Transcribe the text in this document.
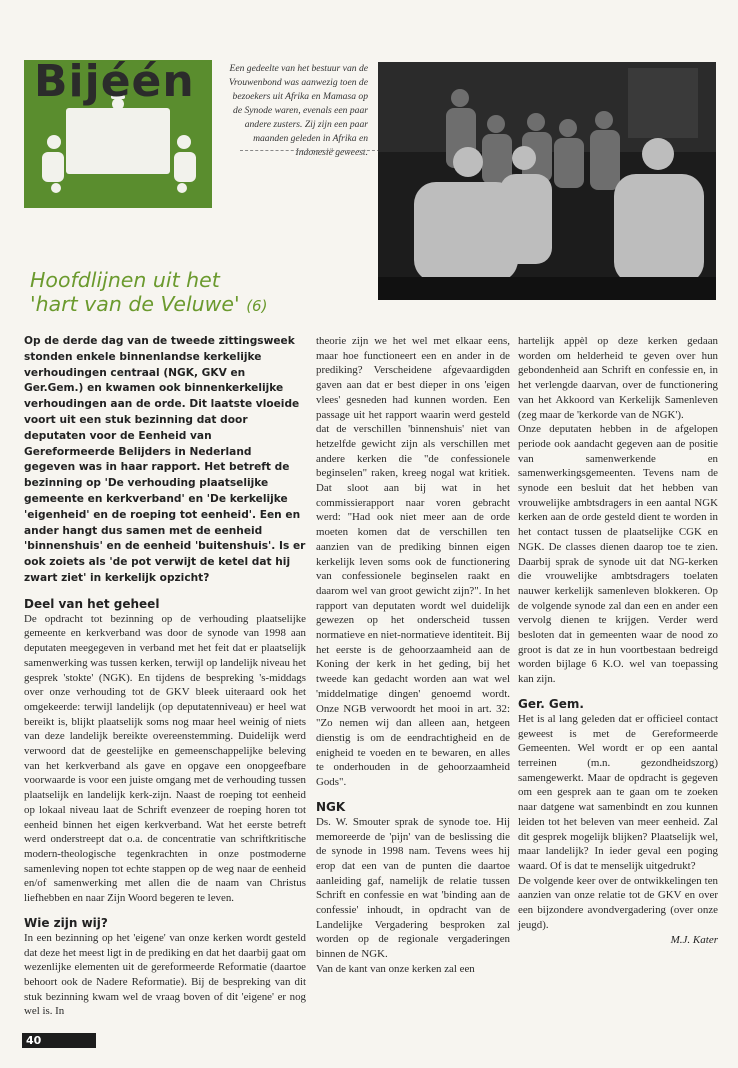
Bijéén	Een gedeelte van het bestuur van de Vrouwenbond was aanwezig toen de bezoekers uit Afrika en Mamasa op de Synode waren, evenals een paar andere zusters. Zij zijn een paar maanden geleden in Afrika en Indonesië geweest.
Hoofdlijnen uit het
'hart van de Veluwe' (6)
Op de derde dag van de tweede zittingsweek stonden enkele binnenlandse kerkelijke verhoudingen centraal (NGK, GKV en Ger.Gem.) en kwamen ook binnenkerkelijke verhoudingen aan de orde. Dit laatste vloeide voort uit een stuk bezinning dat door deputaten voor de Eenheid van Gereformeerde Belijders in Nederland gegeven was in haar rapport. Het betreft de bezinning op 'De verhouding plaatselijke gemeente en kerkverband' en 'De kerkelijke 'eigenheid' en de roeping tot eenheid'. Een en ander hangt dus samen met de eenheid 'binnenshuis' en de eenheid 'buitenshuis'. Is er ook zoiets als 'de pot verwijt de ketel dat hij zwart ziet' in kerkelijk opzicht?
Deel van het geheel
De opdracht tot bezinning op de verhouding plaatselijke gemeente en kerkverband was door de synode van 1998 aan deputaten meegegeven in verband met het feit dat er plaatselijk samenwerking was tussen kerken, terwijl op landelijk niveau het gesprek 'stokte' (NGK). En tijdens de bespreking 's-middags over onze verhouding tot de GKV bleek uiteraard ook het omgekeerde: terwijl landelijk (op deputatenniveau) er heel wat bereikt is, blijkt plaatselijk soms nog maar heel weinig of niets van deze landelijk bereikte overeenstemming. Duidelijk werd verwoord dat de geestelijke en gemeenschappelijke beleving van het kerkverband als gave en opgave een onopgeefbare voorwaarde is voor een juiste omgang met de verhouding tussen plaatselijk en landelijk kerk-zijn. Naast de roeping tot eenheid op lokaal niveau laat de Schrift evenzeer de roeping horen tot eenheid binnen het eigen kerkverband. Wat het eerste betreft werd onderstreept dat o.a. de concentratie van schriftkritische modern-theologische tegenkrachten in onze postmoderne samenleving nopen tot echte stappen op de weg naar de eenheid en/of samenwerking met allen die de naam van Christus liefhebben en naar Zijn Woord begeren te leven.
Wie zijn wij?
In een bezinning op het 'eigene' van onze kerken wordt gesteld dat deze het meest ligt in de prediking en dat het daarbij gaat om wezenlijke elementen uit de gereformeerde Reformatie (daartoe behoort ook de Nadere Reformatie). Bij de bespreking van dit stuk bezinning kwam wel de vraag boven of dit 'eigene' er nog wel is. In
theorie zijn we het wel met elkaar eens, maar hoe functioneert een en ander in de prediking? Verscheidene afgevaardigden gaven aan dat er best dieper in ons 'eigen vlees' gesneden had kunnen worden. Een passage uit het rapport waarin werd gesteld dat de verschillen 'binnenshuis' niet van hetzelfde gewicht zijn als verschillen met andere kerken die "de confessionele beginselen" raken, kreeg nogal wat kritiek. Dat sloot aan bij wat in het commissierapport naar voren gebracht werd: "Had ook niet meer aan de orde moeten komen dat de verschillen ten aanzien van de prediking binnen eigen kerkelijk leven soms ook de functionering van confessionele beginselen raakt en daarom wel van groot gewicht zijn?". In het rapport van deputaten wordt wel duidelijk gewezen op het onderscheid tussen normatieve en niet-normatieve identiteit. Bij het eerste is de gehoorzaamheid aan de Koning der kerk in het geding, bij het tweede kan gedacht worden aan wat wel 'middelmatige dingen' genoemd wordt. Onze NGB verwoordt het mooi in art. 32: "Zo nemen wij dan alleen aan, hetgeen dienstig is om de eendrachtigheid en de enigheid te voeden en te bewaren, en alles te onderhouden in de gehoorzaamheid Gods".
NGK
Ds. W. Smouter sprak de synode toe. Hij memoreerde de 'pijn' van de beslissing die de synode in 1998 nam. Tevens wees hij erop dat een van de punten die daartoe aanleiding gaf, namelijk de relatie tussen Schrift en confessie en wat 'binding aan de confessie' inhoudt, in opdracht van de Landelijke Vergadering besproken zal worden op de regionale vergaderingen binnen de NGK.
Van de kant van onze kerken zal een
hartelijk appèl op deze kerken gedaan worden om helderheid te geven over hun gebondenheid aan Schrift en confessie en, in het verlengde daarvan, over de functionering van het Akkoord van Kerkelijk Samenleven (zeg maar de 'kerkorde van de NGK').
Onze deputaten hebben in de afgelopen periode ook aandacht gegeven aan de positie van samenwerkende en samenwerkingsgemeenten. Tevens nam de synode een besluit dat het hebben van vrouwelijke ambtsdragers in een aantal NGK kerken aan de orde gesteld dient te worden in het contact tussen de plaatselijke CGK en NGK. De classes dienen daarop toe te zien. Daarbij sprak de synode uit dat NG-kerken die vrouwelijke ambtsdragers toelaten nauwer kerkelijk samenleven blokkeren. Op de volgende synode zal dan een en ander een vervolg dienen te krijgen. Verder werd besloten dat in gemeenten waar de nood zo groot is dat ze in hun voortbestaan bedreigd worden bijlage 6 K.O. wel van toepassing kan zijn.
Ger. Gem.
Het is al lang geleden dat er officieel contact geweest is met de Gereformeerde Gemeenten. Wel wordt er op een aantal terreinen (m.n. gezondheidszorg) samengewerkt. Maar de opdracht is gegeven om een gesprek aan te gaan om te zoeken naar datgene wat samenbindt en zou kunnen leiden tot het beleven van meer eenheid. Zal dit gesprek mogelijk blijken? Plaatselijk wel, maar landelijk? In ieder geval een poging waard. Of is dat te menselijk uitgedrukt?
De volgende keer over de ontwikkelingen ten aanzien van onze relatie tot de GKV en over een bijzondere avondvergadering (over onze jeugd).
M.J. Kater
40
